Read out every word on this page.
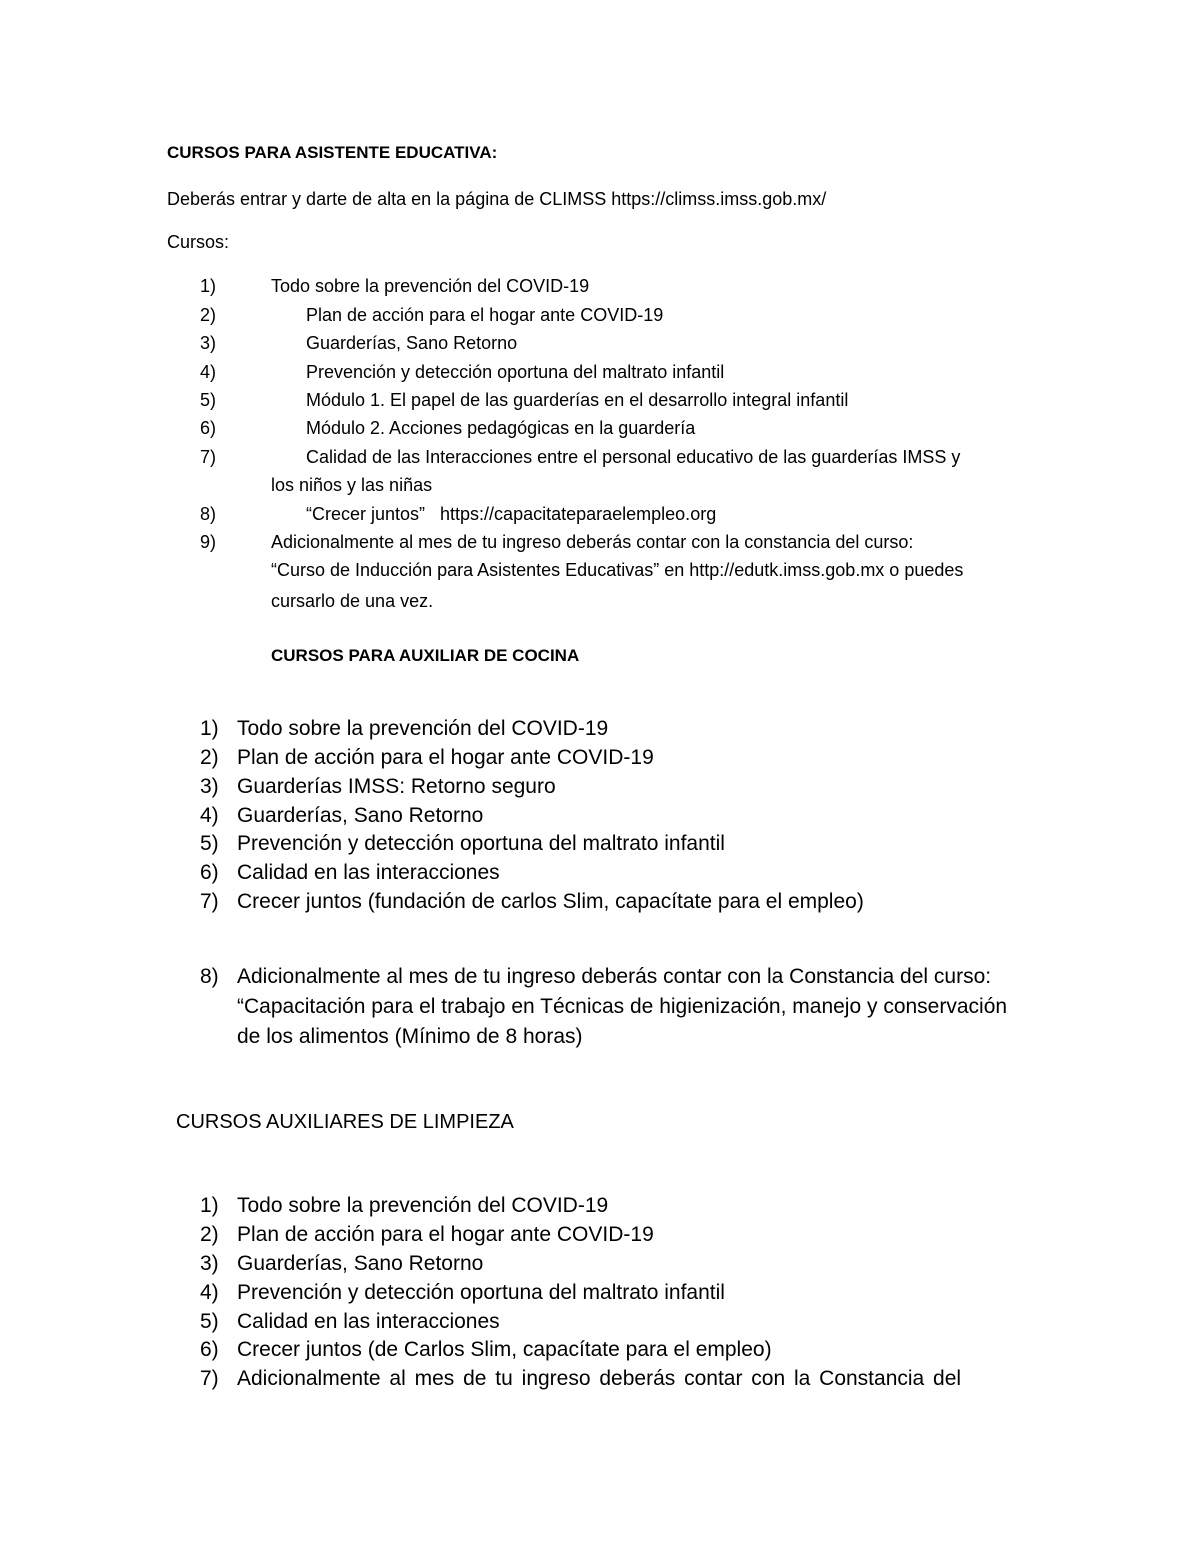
CURSOS PARA ASISTENTE EDUCATIVA:
Deberás entrar y darte de alta en la página de CLIMSS https://climss.imss.gob.mx/
Cursos:
1)	Todo sobre la prevención del COVID-19
2)	Plan de acción para el hogar ante COVID-19
3)	Guarderías, Sano Retorno
4)	Prevención y detección oportuna del maltrato infantil
5)	Módulo 1. El papel de las guarderías en el desarrollo integral infantil
6)	Módulo 2. Acciones pedagógicas en la guardería
7)	Calidad de las Interacciones entre el personal educativo de las guarderías IMSS y
los niños y las niñas
8)	“Crecer juntos”   https://capacitateparaelempleo.org
9)	Adicionalmente al mes de tu ingreso deberás contar con la constancia del curso:
“Curso de Inducción para Asistentes Educativas” en http://edutk.imss.gob.mx o puedes
cursarlo de una vez.
CURSOS PARA AUXILIAR DE COCINA
1) Todo sobre la prevención del COVID-19
2) Plan de acción para el hogar ante COVID-19
3) Guarderías IMSS: Retorno seguro
4) Guarderías, Sano Retorno
5) Prevención y detección oportuna del maltrato infantil
6) Calidad en las interacciones
7) Crecer juntos (fundación de carlos Slim, capacítate para el empleo)
8) Adicionalmente al mes de tu ingreso deberás contar con la Constancia del curso:
“Capacitación para el trabajo en Técnicas de higienización, manejo y conservación
de los alimentos (Mínimo de 8 horas)
CURSOS AUXILIARES DE LIMPIEZA
1) Todo sobre la prevención del COVID-19
2) Plan de acción para el hogar ante COVID-19
3) Guarderías, Sano Retorno
4) Prevención y detección oportuna del maltrato infantil
5) Calidad en las interacciones
6) Crecer juntos (de Carlos Slim, capacítate para el empleo)
7) Adicionalmente al mes de tu ingreso deberás contar con la Constancia del
